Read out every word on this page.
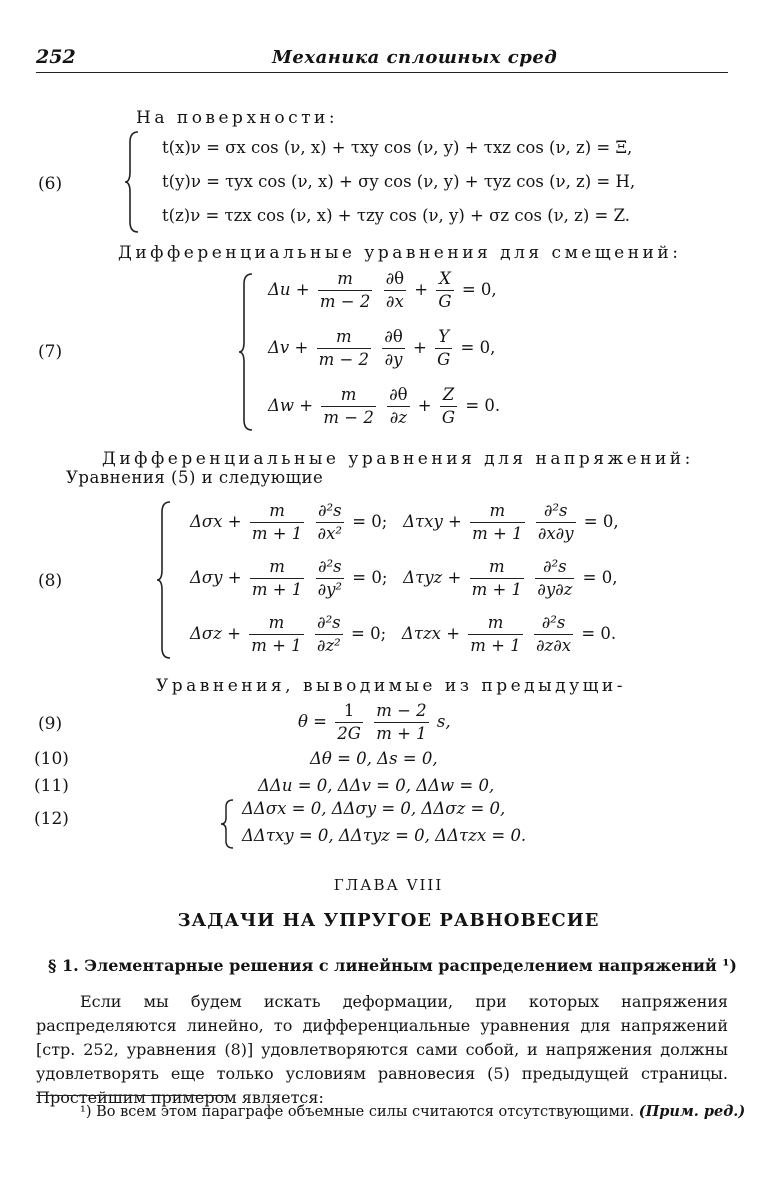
252	Механика сплошных сред
На поверхности:
(6)
t(x)ν = σx cos (ν, x) + τxy cos (ν, y) + τxz cos (ν, z) = Ξ,
t(y)ν = τyx cos (ν, x) + σy cos (ν, y) + τyz cos (ν, z) = H,
t(z)ν = τzx cos (ν, x) + τzy cos (ν, y) + σz cos (ν, z) = Z.
Дифференциальные уравнения для смещений:
(7)
$\Delta u + \frac{m}{m - 2}$
$\frac{\partial\theta}{\partial x} + \frac{X}{G} = 0$,
$\Delta v + \frac{m}{m - 2}$
$\frac{\partial\theta}{\partial y} + \frac{Y}{G} = 0$,
$\Delta w + \frac{m}{m - 2}$
$\frac{\partial\theta}{\partial z} + \frac{Z}{G} = 0$.
Дифференциальные уравнения для напряжений:
Уравнения (5) и следующие
(8)
$\Delta\sigma x + \frac{m}{m + 1}$
$\frac{\text{∂²s}}{\text{∂x²}} = 0$; $\Delta\tau xy + \frac{m}{m + 1}$
$\frac{\text{∂²s}}{\partial x\partial y} = 0$,
$\Delta\sigma y + \frac{m}{m + 1}$
$\frac{\text{∂²s}}{\text{∂y²}} = 0$; $\Delta\tau yz + \frac{m}{m + 1}$
$\frac{\text{∂²s}}{\partial y\partial z} = 0$,
$\Delta\sigma z + \frac{m}{m + 1}$
$\frac{\text{∂²s}}{\text{∂z²}} = 0$; $\Delta\tau zx + \frac{m}{m + 1}$
$\frac{\text{∂²s}}{\partial z\partial x} = 0$.
Уравнения, выводимые из предыдущи-
(9)	$\theta = \frac{1}{2G}$
$\frac{m - 2}{m + 1} s$,
(10)	Δθ = 0, Δs = 0,
(11)	ΔΔu = 0, ΔΔv = 0, ΔΔw = 0,
(12)
ΔΔσx = 0, ΔΔσy = 0, ΔΔσz = 0,
ΔΔτxy = 0, ΔΔτyz = 0, ΔΔτzx = 0.
ГЛАВА VIII
ЗАДАЧИ НА УПРУГОЕ РАВНОВЕСИЕ
§ 1. Элементарные решения с линейным распределением напряжений ¹)
Если мы будем искать деформации, при которых напряжения распределяются линейно, то дифференциальные уравнения для напряжений [стр. 252, уравнения (8)] удовлетворяются сами собой, и напряжения должны удовлетворять еще только условиям равновесия (5) предыдущей страницы. Простейшим примером является:
¹) Во всем этом параграфе объемные силы считаются отсутствующими. (Прим. ред.)
